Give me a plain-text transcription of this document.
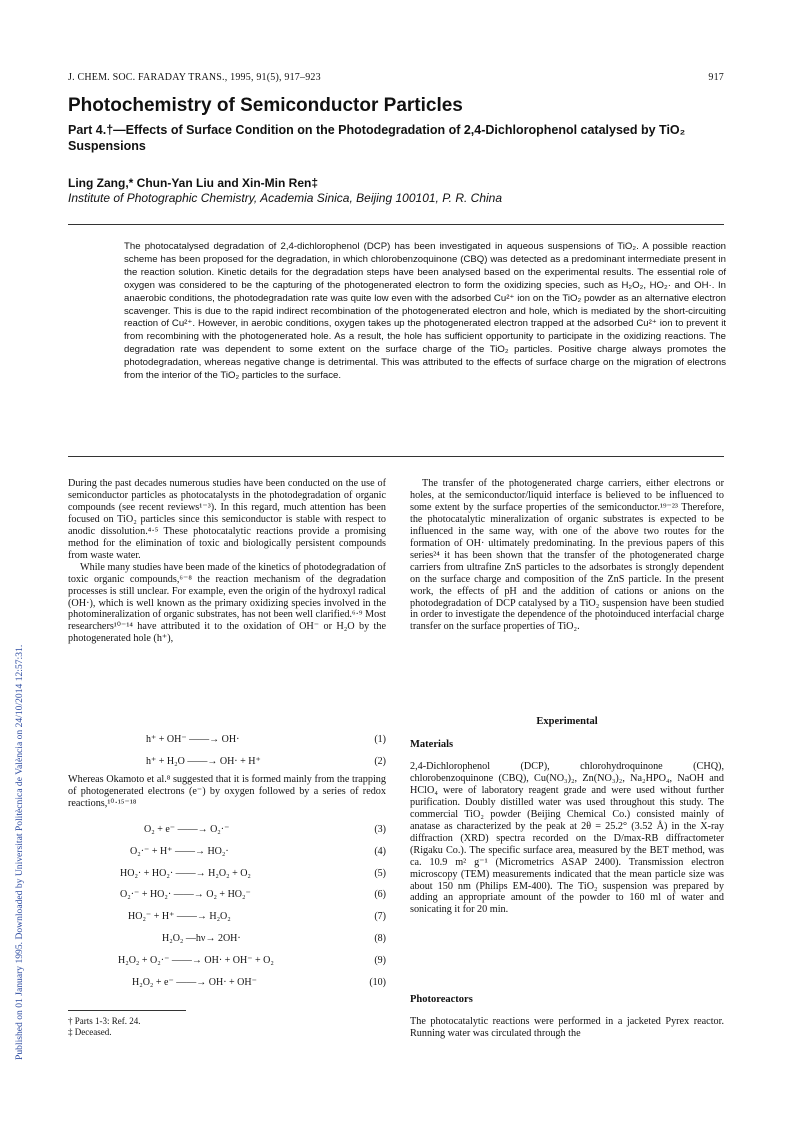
Published on 01 January 1995. Downloaded by Universitat Politècnica de València on 24/10/2014 12:57:31.
J. CHEM. SOC. FARADAY TRANS., 1995, 91(5), 917–923	917
Photochemistry of Semiconductor Particles
Part 4.†—Effects of Surface Condition on the Photodegradation of 2,4-Dichlorophenol catalysed by TiO₂ Suspensions
Ling Zang,* Chun-Yan Liu and Xin-Min Ren‡
Institute of Photographic Chemistry, Academia Sinica, Beijing 100101, P. R. China
The photocatalysed degradation of 2,4-dichlorophenol (DCP) has been investigated in aqueous suspensions of TiO₂. A possible reaction scheme has been proposed for the degradation, in which chlorobenzoquinone (CBQ) was detected as a predominant intermediate present in the reaction solution. Kinetic details for the degradation steps have been analysed based on the experimental results. The essential role of oxygen was considered to be the capturing of the photogenerated electron to form the oxidizing species, such as H₂O₂, HO₂· and OH·. In anaerobic conditions, the photodegradation rate was quite low even with the adsorbed Cu²⁺ ion on the TiO₂ powder as an alternative electron scavenger. This is due to the rapid indirect recombination of the photogenerated electron and hole, which is mediated by the short-circuiting reaction of Cu²⁺. However, in aerobic conditions, oxygen takes up the photogenerated electron trapped at the adsorbed Cu²⁺ ion to prevent it from recombining with the photogenerated hole. As a result, the hole has sufficient opportunity to participate in the oxidizing reactions. The degradation rate was dependent to some extent on the surface charge of the TiO₂ particles. Positive charge always promotes the photodegradation, whereas negative change is detrimental. This was attributed to the effects of surface charge on the migration of electrons from the interior of the TiO₂ particles to the surface.

During the past decades numerous studies have been conducted on the use of semiconductor particles as photocatalysts in the photodegradation of organic compounds (see recent reviews¹⁻³). In this regard, much attention has been focused on TiO₂ particles since this semiconductor is stable with respect to anodic dissolution.⁴·⁵ These photocatalytic reactions provide a promising method for the elimination of toxic and biologically persistent compounds from waste water.

While many studies have been made of the kinetics of photodegradation of toxic organic compounds,⁶⁻⁸ the reaction mechanism of the degradation processes is still unclear. For example, even the origin of the hydroxyl radical (OH·), which is well known as the primary oxidizing species involved in the photomineralization of organic substrates, has not been well clarified.⁶·⁹ Most researchers¹⁰⁻¹⁴ have attributed it to the oxidation of OH⁻ or H₂O by the photogenerated hole (h⁺),

h⁺ + OH⁻ ——→ OH·	(1)
h⁺ + H₂O ——→ OH· + H⁺	(2)

Whereas Okamoto et al.⁸ suggested that it is formed mainly from the trapping of photogenerated electrons (e⁻) by oxygen followed by a series of redox reactions,¹⁰·¹⁵⁻¹⁸

O₂ + e⁻ ——→ O₂·⁻	(3)
O₂·⁻ + H⁺ ——→ HO₂·	(4)
HO₂· + HO₂· ——→ H₂O₂ + O₂	(5)
O₂·⁻ + HO₂· ——→ O₂ + HO₂⁻	(6)
HO₂⁻ + H⁺ ——→ H₂O₂	(7)
H₂O₂ —hν→ 2OH·	(8)
H₂O₂ + O₂·⁻ ——→ OH· + OH⁻ + O₂	(9)
H₂O₂ + e⁻ ——→ OH· + OH⁻	(10)
† Parts 1-3: Ref. 24.
‡ Deceased.

The transfer of the photogenerated charge carriers, either electrons or holes, at the semiconductor/liquid interface is believed to be influenced to some extent by the surface properties of the semiconductor.¹⁹⁻²³ Therefore, the photocatalytic mineralization of organic substrates is expected to be influenced in the same way, with one of the above two routes for the formation of OH· ultimately predominating. In the previous papers of this series²⁴ it has been shown that the transfer of the photogenerated charge carriers from ultrafine ZnS particles to the adsorbates is strongly dependent on the surface charge and composition of the ZnS particle. In the present work, the effects of pH and the addition of cations or anions on the photodegradation of DCP catalysed by a TiO₂ suspension have been studied in order to investigate the dependence of the photoinduced interfacial charge transfer on the surface properties of TiO₂.

Experimental
Materials

2,4-Dichlorophenol (DCP), chlorohydroquinone (CHQ), chlorobenzoquinone (CBQ), Cu(NO₃)₂, Zn(NO₃)₂, Na₂HPO₄, NaOH and HClO₄ were of laboratory reagent grade and were used without further purification. Doubly distilled water was used throughout this study. The commercial TiO₂ powder (Beijing Chemical Co.) consisted mainly of anatase as characterized by the peak at 2θ = 25.2° (3.52 Å) in the X-ray diffraction (XRD) spectra recorded on the D/max-RB diffractometer (Rigaku Co.). The specific surface area, measured by the BET method, was ca. 10.9 m² g⁻¹ (Micrometrics ASAP 2400). Transmission electron microscopy (TEM) measurements indicated that the mean particle size was about 150 nm (Philips EM-400). The TiO₂ suspension was prepared by adding an appropriate amount of the powder to 160 ml of water and sonicating it for 20 min.

Photoreactors

The photocatalytic reactions were performed in a jacketed Pyrex reactor. Running water was circulated through the
